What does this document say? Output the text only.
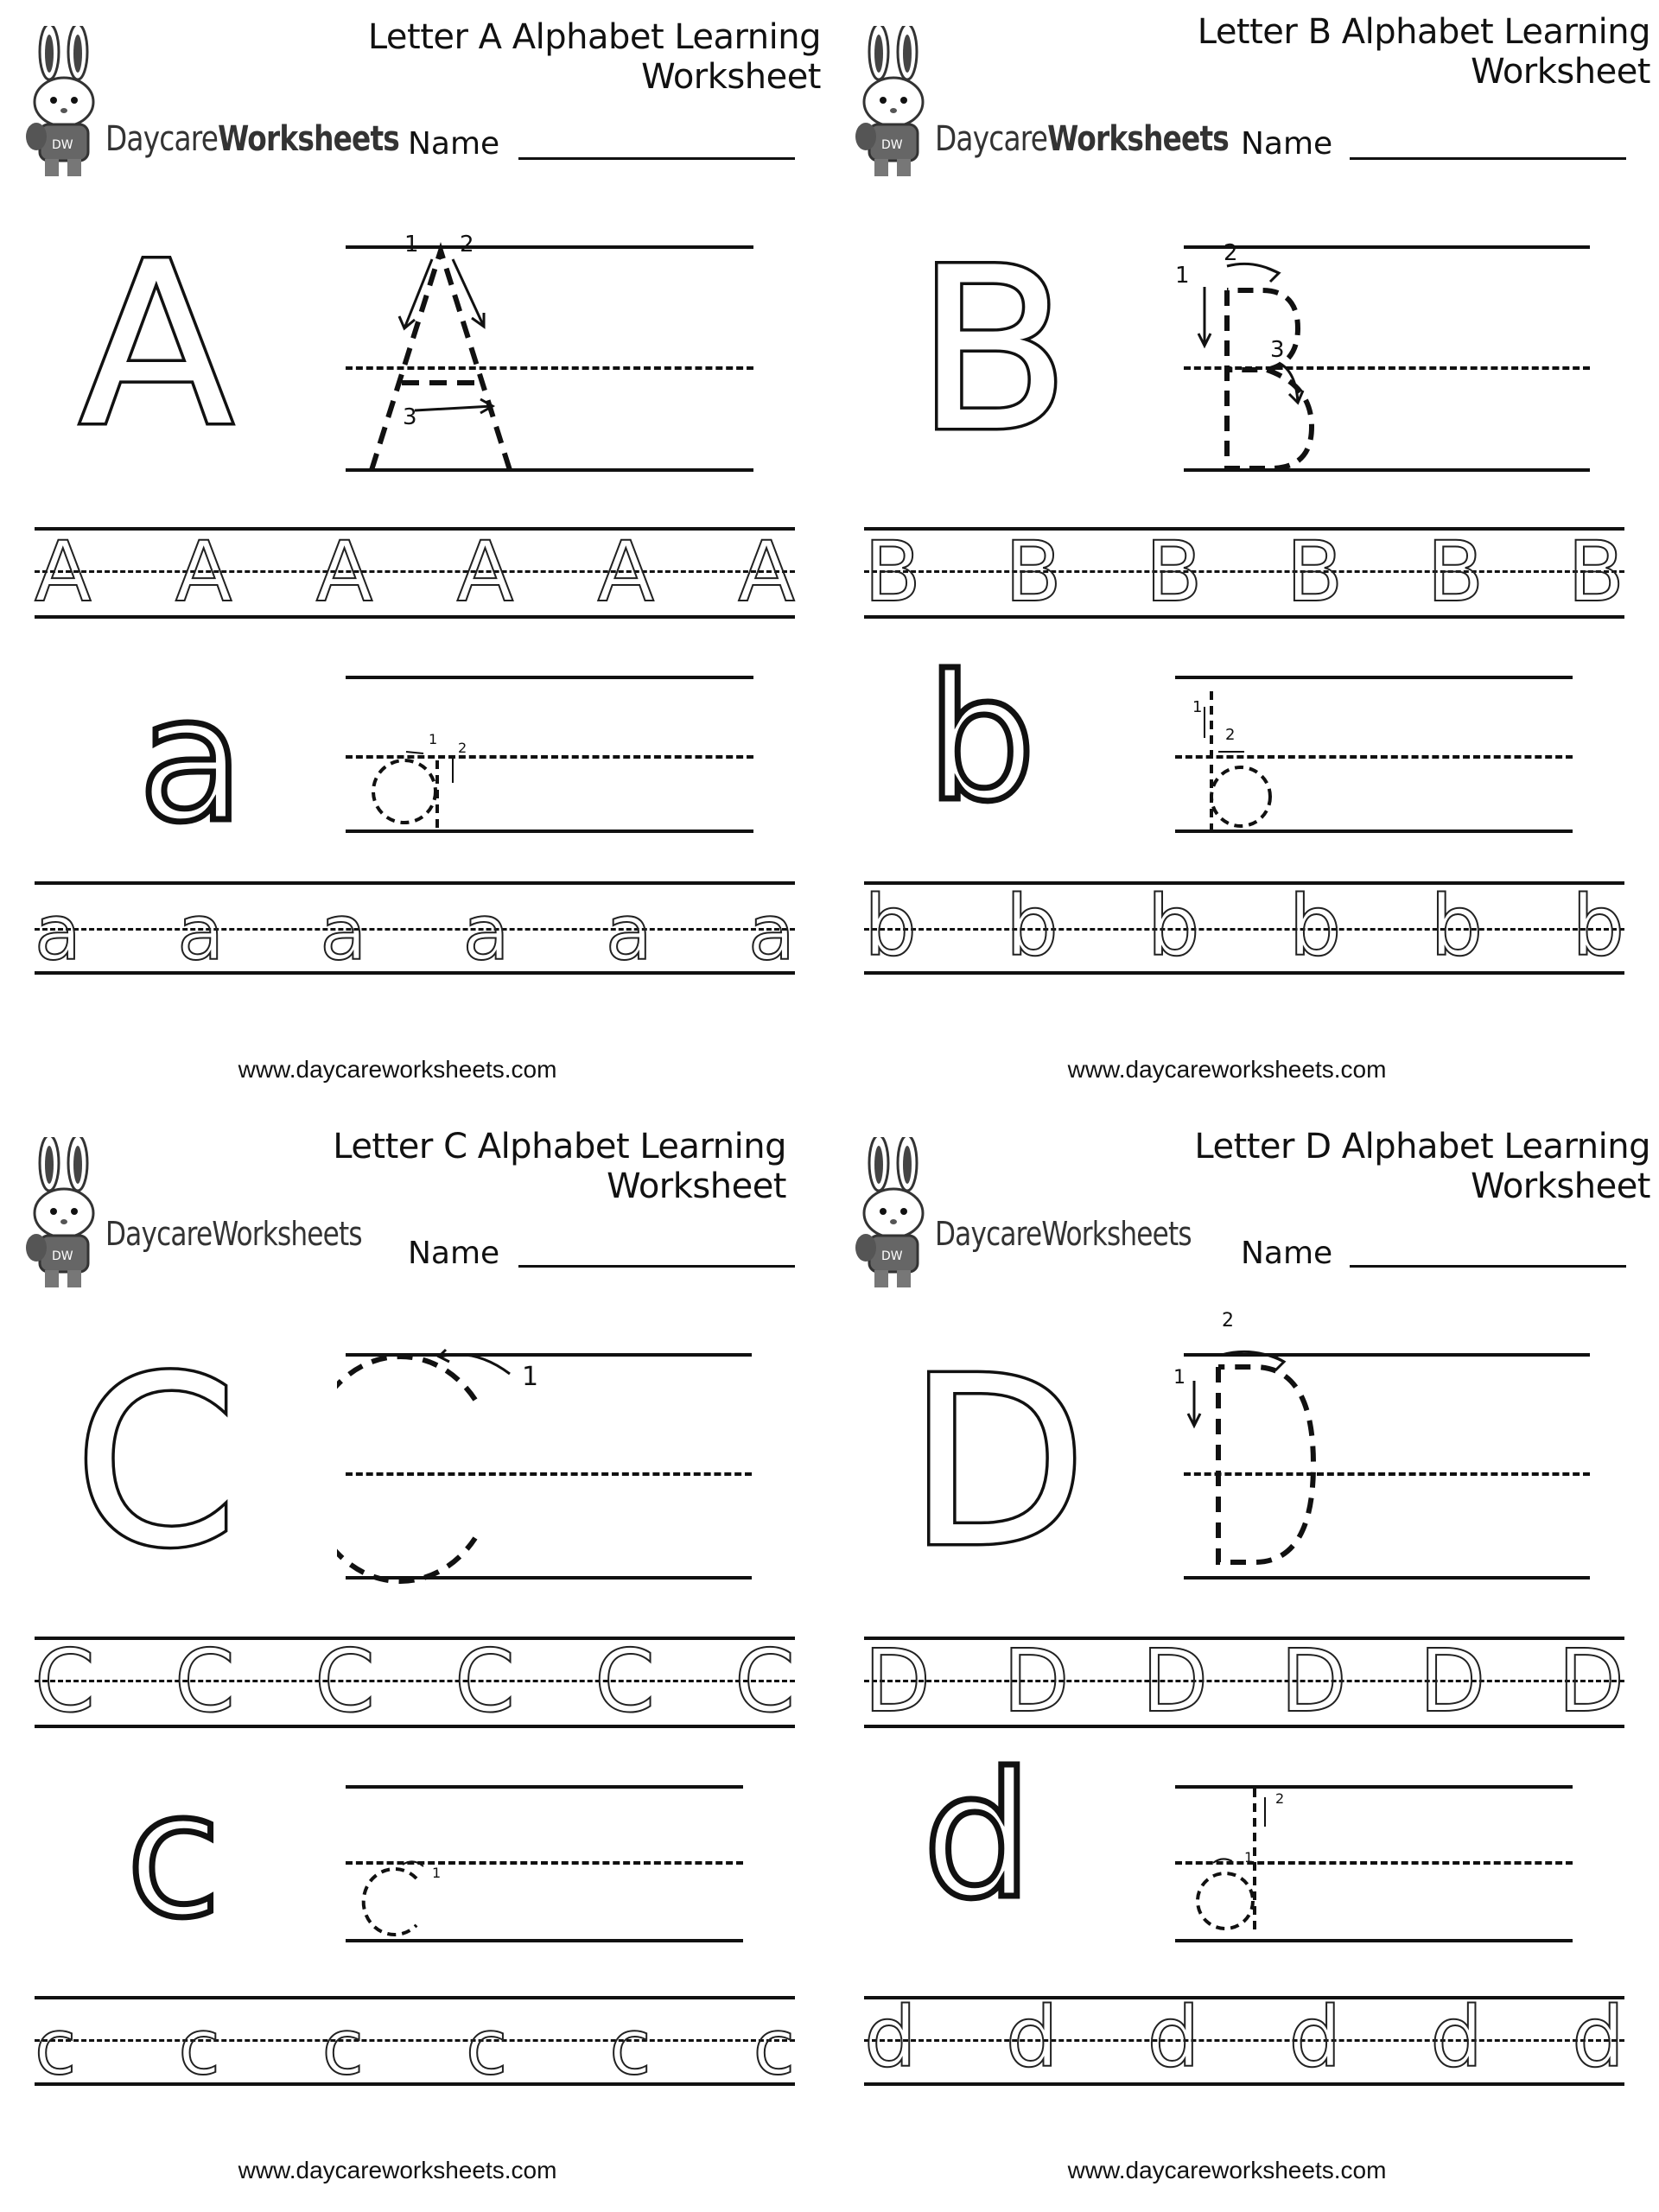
Letter A Alphabet Learning Worksheet
DW DaycareWorksheets Name
A	1 2
3
A A A A A A
a	1
2
a a a a a a
www.daycareworksheets.com
Letter B Alphabet Learning Worksheet
DW DaycareWorksheets Name
B	1
2
3
B B B B B B
b	1
2
b b b b b b
www.daycareworksheets.com
Letter C Alphabet Learning Worksheet
DW
DaycareWorksheets
Name
C	1
C C C C C C
c	1
c c c c c c
www.daycareworksheets.com
Letter D Alphabet Learning Worksheet
DW
DaycareWorksheets
Name
D	1
2
D D D D D D
d	1
2
d d d d d d
www.daycareworksheets.com
